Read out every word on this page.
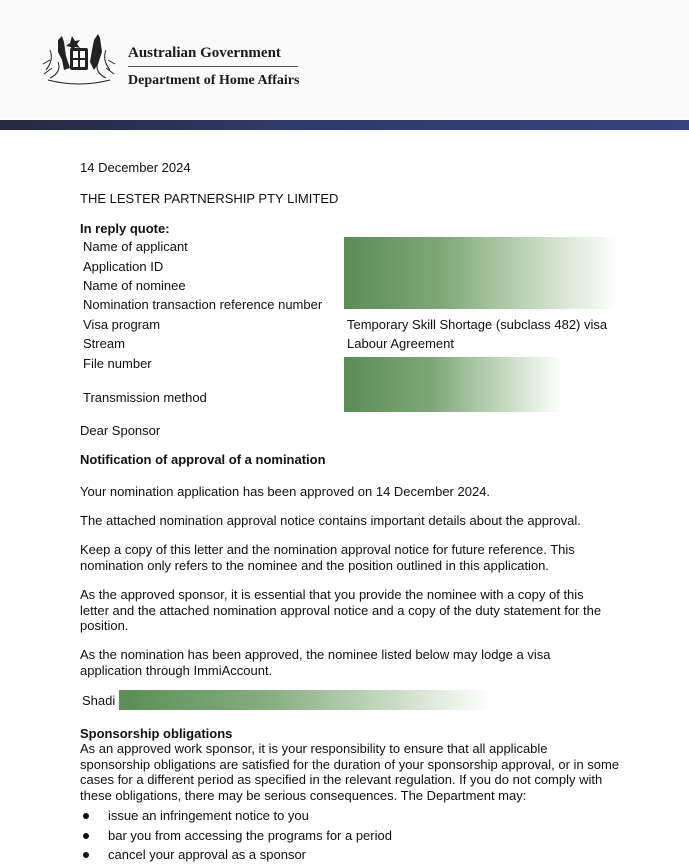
Australian Government
Department of Home Affairs
14 December 2024
THE LESTER PARTNERSHIP PTY LIMITED
In reply quote:
Name of applicant
Application ID
Name of nominee
Nomination transaction reference number
Visa program
Stream
File number
Transmission method
Temporary Skill Shortage (subclass 482) visa
Labour Agreement
Dear Sponsor
Notification of approval of a nomination
Your nomination application has been approved on 14 December 2024.
The attached nomination approval notice contains important details about the approval.
Keep a copy of this letter and the nomination approval notice for future reference. This nomination only refers to the nominee and the position outlined in this application.
As the approved sponsor, it is essential that you provide the nominee with a copy of this letter and the attached nomination approval notice and a copy of the duty statement for the position.
As the nomination has been approved, the nominee listed below may lodge a visa application through ImmiAccount.
Shadi
Sponsorship obligations
As an approved work sponsor, it is your responsibility to ensure that all applicable sponsorship obligations are satisfied for the duration of your sponsorship approval, or in some cases for a different period as specified in the relevant regulation. If you do not comply with these obligations, there may be serious consequences. The Department may:
issue an infringement notice to you
bar you from accessing the programs for a period
cancel your approval as a sponsor
